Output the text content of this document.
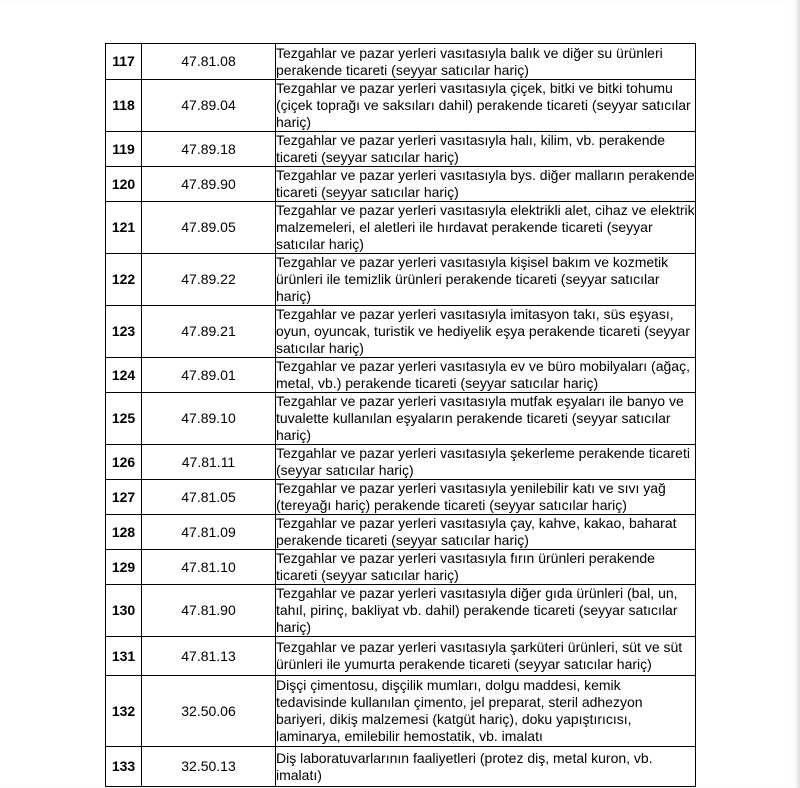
117	47.81.08	Tezgahlar ve pazar yerleri vasıtasıyla balık ve diğer su ürünleri perakende ticareti (seyyar satıcılar hariç)

118	47.89.04	Tezgahlar ve pazar yerleri vasıtasıyla çiçek, bitki ve bitki tohumu (çiçek toprağı ve saksıları dahil) perakende ticareti (seyyar satıcılar hariç)

119	47.89.18	Tezgahlar ve pazar yerleri vasıtasıyla halı, kilim, vb. perakende ticareti (seyyar satıcılar hariç)

120	47.89.90	Tezgahlar ve pazar yerleri vasıtasıyla bys. diğer malların perakende ticareti (seyyar satıcılar hariç)

121	47.89.05	Tezgahlar ve pazar yerleri vasıtasıyla elektrikli alet, cihaz ve elektrik malzemeleri, el aletleri ile hırdavat perakende ticareti (seyyar satıcılar hariç)

122	47.89.22	Tezgahlar ve pazar yerleri vasıtasıyla kişisel bakım ve kozmetik ürünleri ile temizlik ürünleri perakende ticareti (seyyar satıcılar hariç)

123	47.89.21	Tezgahlar ve pazar yerleri vasıtasıyla imitasyon takı, süs eşyası, oyun, oyuncak, turistik ve hediyelik eşya perakende ticareti (seyyar satıcılar hariç)

124	47.89.01	Tezgahlar ve pazar yerleri vasıtasıyla ev ve büro mobilyaları (ağaç, metal, vb.) perakende ticareti (seyyar satıcılar hariç)

125	47.89.10	Tezgahlar ve pazar yerleri vasıtasıyla mutfak eşyaları ile banyo ve tuvalette kullanılan eşyaların perakende ticareti (seyyar satıcılar hariç)

126	47.81.11	Tezgahlar ve pazar yerleri vasıtasıyla şekerleme perakende ticareti (seyyar satıcılar hariç)

127	47.81.05	Tezgahlar ve pazar yerleri vasıtasıyla yenilebilir katı ve sıvı yağ (tereyağı hariç) perakende ticareti (seyyar satıcılar hariç)

128	47.81.09	Tezgahlar ve pazar yerleri vasıtasıyla çay, kahve, kakao, baharat perakende ticareti (seyyar satıcılar hariç)

129	47.81.10	Tezgahlar ve pazar yerleri vasıtasıyla fırın ürünleri perakende ticareti (seyyar satıcılar hariç)

130	47.81.90	Tezgahlar ve pazar yerleri vasıtasıyla diğer gıda ürünleri (bal, un, tahıl, pirinç, bakliyat vb. dahil) perakende ticareti (seyyar satıcılar hariç)

131	47.81.13	Tezgahlar ve pazar yerleri vasıtasıyla şarküteri ürünleri, süt ve süt ürünleri ile yumurta perakende ticareti (seyyar satıcılar hariç)

132	32.50.06	Dişçi çimentosu, dişçilik mumları, dolgu maddesi, kemik tedavisinde kullanılan çimento, jel preparat, steril adhezyon bariyeri, dikiş malzemesi (katgüt hariç), doku yapıştırıcısı, laminarya, emilebilir hemostatik, vb. imalatı

133	32.50.13	Diş laboratuvarlarının faaliyetleri (protez diş, metal kuron, vb. imalatı)
